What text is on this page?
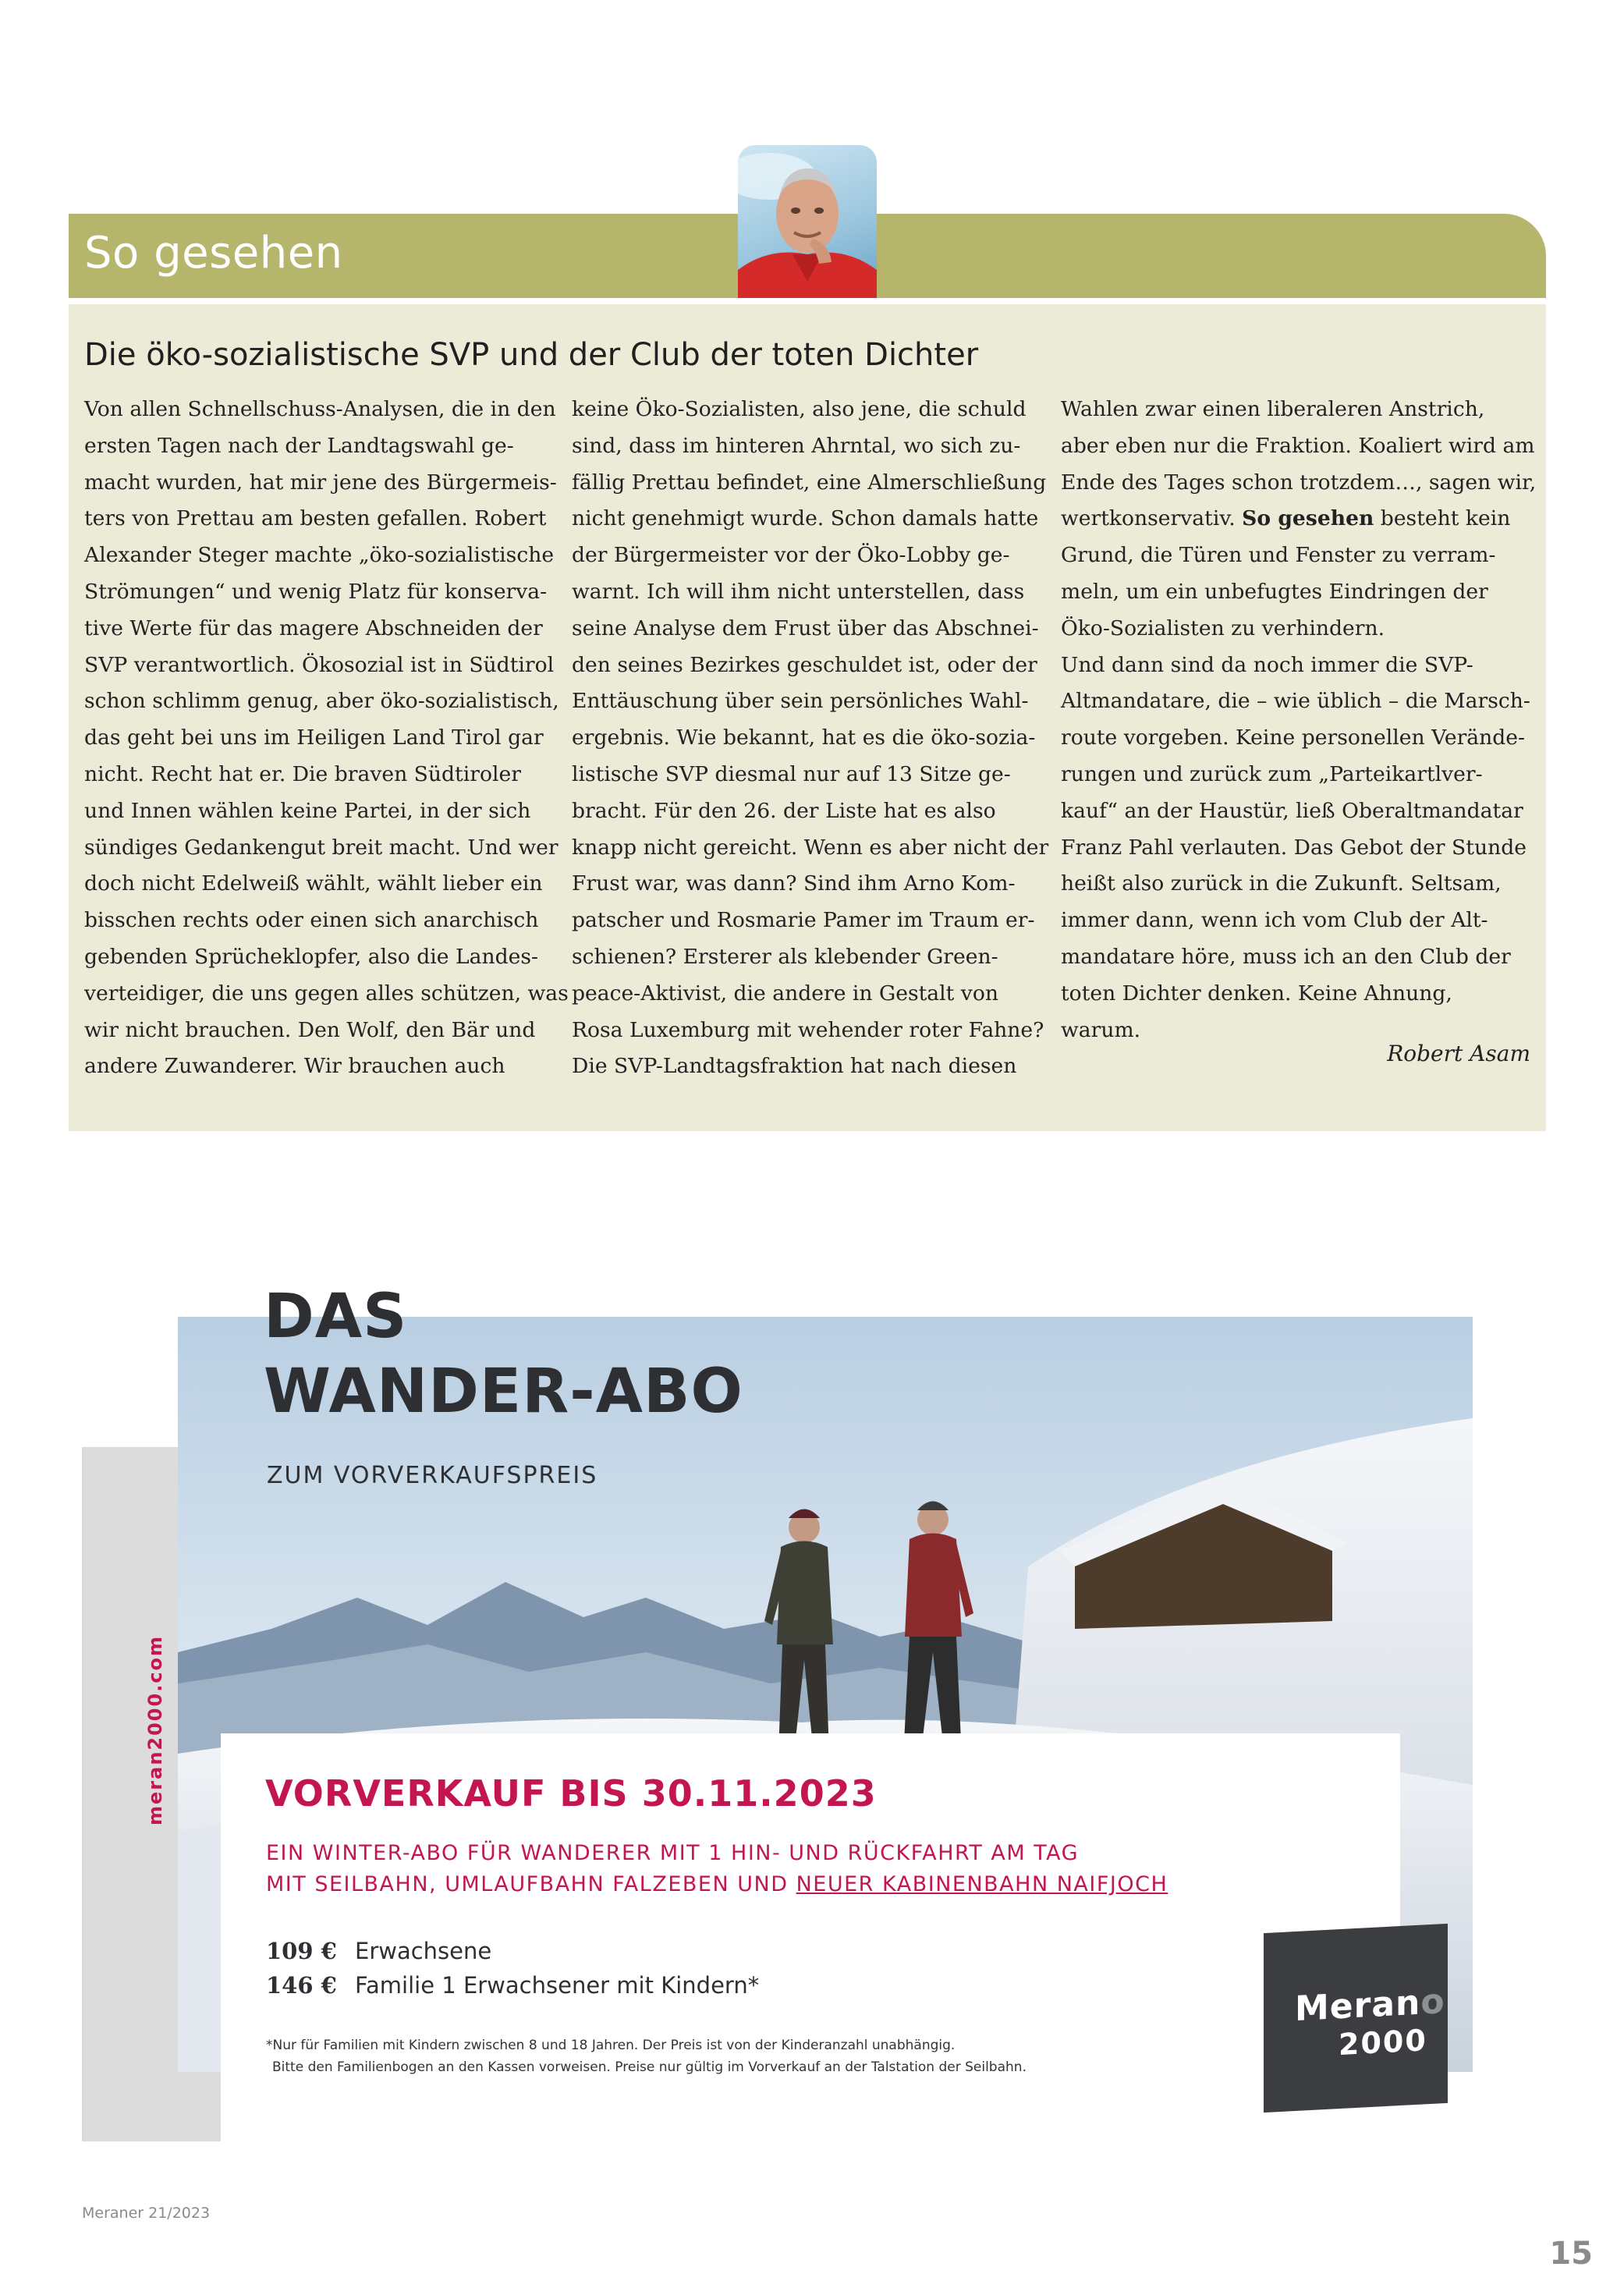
So gesehen
Die öko-sozialistische SVP und der Club der toten Dichter
Von allen Schnellschuss-Analysen, die in den
ersten Tagen nach der Landtagswahl ge-
macht wurden, hat mir jene des Bürgermeis-
ters von Prettau am besten gefallen. Robert
Alexander Steger machte „öko-sozialistische
Strömungen“ und wenig Platz für konserva-
tive Werte für das magere Abschneiden der
SVP verantwortlich. Ökosozial ist in Südtirol
schon schlimm genug, aber öko-sozialistisch,
das geht bei uns im Heiligen Land Tirol gar
nicht. Recht hat er. Die braven Südtiroler
und Innen wählen keine Partei, in der sich
sündiges Gedankengut breit macht. Und wer
doch nicht Edelweiß wählt, wählt lieber ein
bisschen rechts oder einen sich anarchisch
gebenden Sprücheklopfer, also die Landes-
verteidiger, die uns gegen alles schützen, was
wir nicht brauchen. Den Wolf, den Bär und
andere Zuwanderer. Wir brauchen auch
keine Öko-Sozialisten, also jene, die schuld
sind, dass im hinteren Ahrntal, wo sich zu-
fällig Prettau befindet, eine Almerschließung
nicht genehmigt wurde. Schon damals hatte
der Bürgermeister vor der Öko-Lobby ge-
warnt. Ich will ihm nicht unterstellen, dass
seine Analyse dem Frust über das Abschnei-
den seines Bezirkes geschuldet ist, oder der
Enttäuschung über sein persönliches Wahl-
ergebnis. Wie bekannt, hat es die öko-sozia-
listische SVP diesmal nur auf 13 Sitze ge-
bracht. Für den 26. der Liste hat es also
knapp nicht gereicht. Wenn es aber nicht der
Frust war, was dann? Sind ihm Arno Kom-
patscher und Rosmarie Pamer im Traum er-
schienen? Ersterer als klebender Green-
peace-Aktivist, die andere in Gestalt von
Rosa Luxemburg mit wehender roter Fahne?
Die SVP-Landtagsfraktion hat nach diesen
Wahlen zwar einen liberaleren Anstrich,
aber eben nur die Fraktion. Koaliert wird am
Ende des Tages schon trotzdem…, sagen wir,
wertkonservativ. So gesehen besteht kein
Grund, die Türen und Fenster zu verram-
meln, um ein unbefugtes Eindringen der
Öko-Sozialisten zu verhindern.
Und dann sind da noch immer die SVP-
Altmandatare, die – wie üblich – die Marsch-
route vorgeben. Keine personellen Verände-
rungen und zurück zum „Parteikartlver-
kauf“ an der Haustür, ließ Oberaltmandatar
Franz Pahl verlauten. Das Gebot der Stunde
heißt also zurück in die Zukunft. Seltsam,
immer dann, wenn ich vom Club der Alt-
mandatare höre, muss ich an den Club der
toten Dichter denken. Keine Ahnung,
warum.
Robert Asam
DAS
WANDER-ABO
ZUM VORVERKAUFSPREIS
VORVERKAUF BIS 30.11.2023
EIN WINTER-ABO FÜR WANDERER MIT 1 HIN- UND RÜCKFAHRT AM TAG
MIT SEILBAHN, UMLAUFBAHN FALZEBEN UND NEUER KABINENBAHN NAIFJOCH
109 € Erwachsene
146 € Familie 1 Erwachsener mit Kindern*
*Nur für Familien mit Kindern zwischen 8 und 18 Jahren. Der Preis ist von der Kinderanzahl unabhängig.
Bitte den Familienbogen an den Kassen vorweisen. Preise nur gültig im Vorverkauf an der Talstation der Seilbahn.
Merano
2000
Meraner 21/2023
15
